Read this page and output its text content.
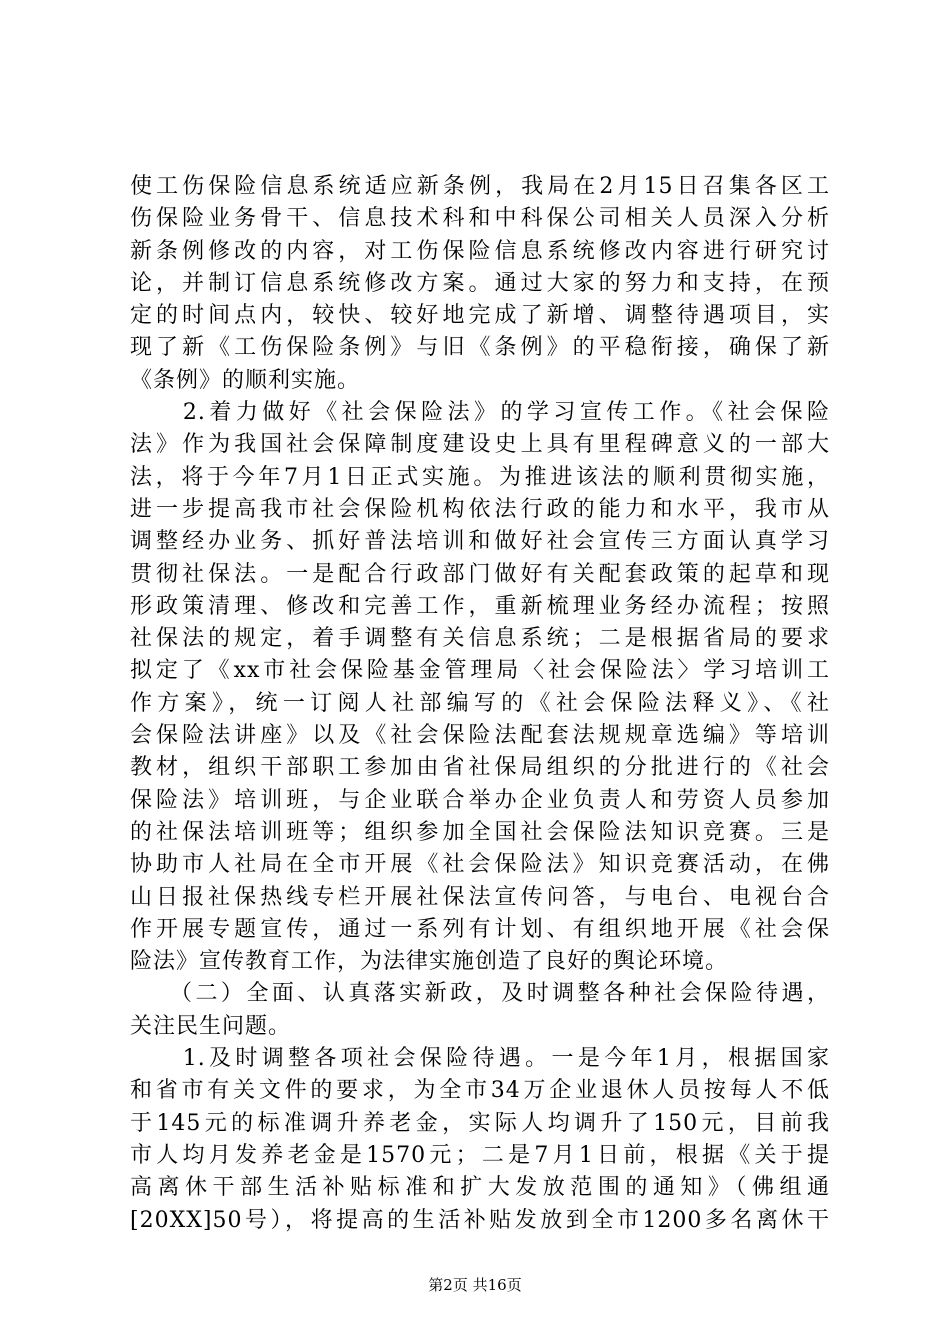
使工伤保险信息系统适应新条例，我局在2月15日召集各区工
伤保险业务骨干、信息技术科和中科保公司相关人员深入分析
新条例修改的内容，对工伤保险信息系统修改内容进行研究讨
论，并制订信息系统修改方案。通过大家的努力和支持，在预
定的时间点内，较快、较好地完成了新增、调整待遇项目，实
现了新《工伤保险条例》与旧《条例》的平稳衔接，确保了新
《条例》的顺利实施。
　　2.着力做好《社会保险法》的学习宣传工作。《社会保险
法》作为我国社会保障制度建设史上具有里程碑意义的一部大
法，将于今年7月1日正式实施。为推进该法的顺利贯彻实施，
进一步提高我市社会保险机构依法行政的能力和水平，我市从
调整经办业务、抓好普法培训和做好社会宣传三方面认真学习
贯彻社保法。一是配合行政部门做好有关配套政策的起草和现
形政策清理、修改和完善工作，重新梳理业务经办流程；按照
社保法的规定，着手调整有关信息系统；二是根据省局的要求
拟定了《xx市社会保险基金管理局〈社会保险法〉学习培训工
作方案》，统一订阅人社部编写的《社会保险法释义》、《社
会保险法讲座》以及《社会保险法配套法规规章选编》等培训
教材，组织干部职工参加由省社保局组织的分批进行的《社会
保险法》培训班，与企业联合举办企业负责人和劳资人员参加
的社保法培训班等；组织参加全国社会保险法知识竞赛。三是
协助市人社局在全市开展《社会保险法》知识竞赛活动，在佛
山日报社保热线专栏开展社保法宣传问答，与电台、电视台合
作开展专题宣传，通过一系列有计划、有组织地开展《社会保
险法》宣传教育工作，为法律实施创造了良好的舆论环境。
　　（二）全面、认真落实新政，及时调整各种社会保险待遇，
关注民生问题。
　　1.及时调整各项社会保险待遇。一是今年1月，根据国家
和省市有关文件的要求，为全市34万企业退休人员按每人不低
于145元的标准调升养老金，实际人均调升了150元，目前我
市人均月发养老金是1570元；二是7月1日前，根据《关于提
高离休干部生活补贴标准和扩大发放范围的通知》（佛组通
[20XX]50号），将提高的生活补贴发放到全市1200多名离休干
第2页 共16页
